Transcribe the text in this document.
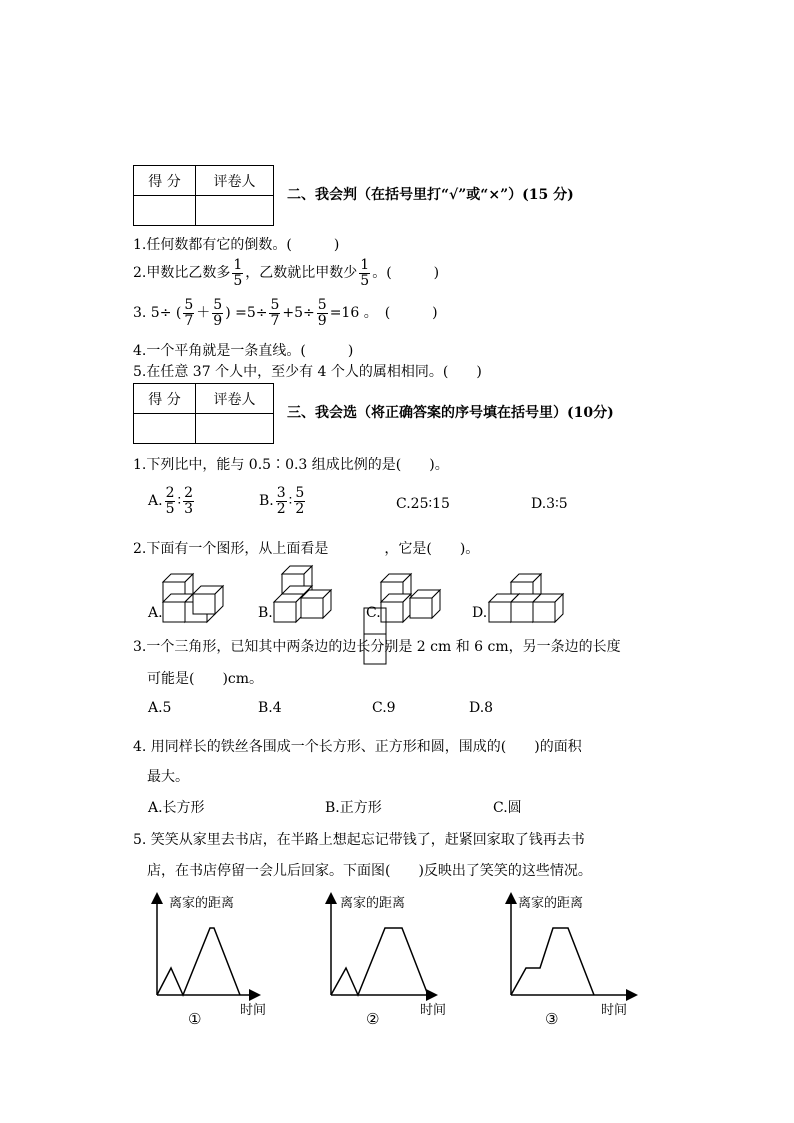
得 分	评卷人

二、我会判（在括号里打“√”或“×”）(15 分)
1.任何数都有它的倒数。(　　　)
2.甲数比乙数多 $\frac{1}{5}$ ，乙数就比甲数少 $\frac{1}{5}$ 。(　　　)
3. 5÷ ( $\frac{5}{7} + \frac{5}{9}$ ) $=5\div \frac{5}{7} +5\div \frac{5}{9} =16$ 。　(　　　)
4.一个平角就是一条直线。(　　　)
5.在任意 37 个人中，至少有 4 个人的属相相同。(　　)
得 分	评卷人

三、我会选（将正确答案的序号填在括号里）(10分)
1.下列比中，能与 0.5∶0.3 组成比例的是(　　)。
A. $\frac{2}{5}$ ∶ $\frac{2}{3}$	B. $\frac{3}{2}$ ∶ $\frac{5}{2}$	C.25∶15	D.3∶5
2.下面有一个图形，从上面看是　　　　，它是(　　)。
A.	B.	C.	D.
3.一个三角形，已知其中两条边的边长分别是 2 cm 和 6 cm，另一条边的长度
可能是(　　)cm。
A.5	B.4	C.9	D.8
4. 用同样长的铁丝各围成一个长方形、正方形和圆，围成的(　　)的面积
最大。
A.长方形	B.正方形	C.圆
5. 笑笑从家里去书店，在半路上想起忘记带钱了，赶紧回家取了钱再去书
店，在书店停留一会儿后回家。下面图(　　)反映出了笑笑的这些情况。
离家的距离
时间
①
离家的距离
时间
②
离家的距离
时间
③
